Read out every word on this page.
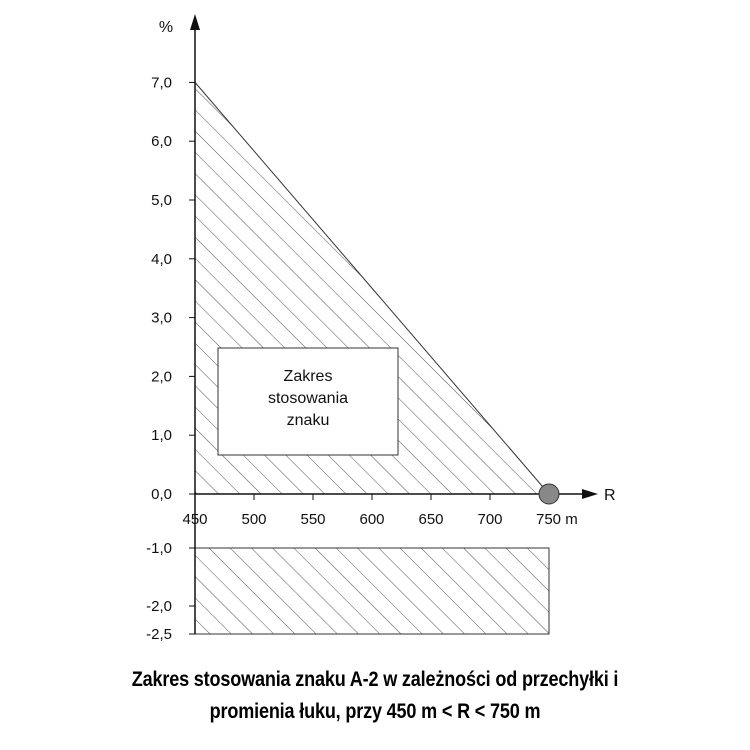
Zakres
stosowania
znaku
%
R
7,0
6,0
5,0
4,0
3,0
2,0
1,0
0,0
-1,0
-2,0
-2,5
450 500 550 600 650 700 750 m
Zakres stosowania znaku A-2 w zależności od przechyłki i
promienia łuku, przy 450 m < R < 750 m
